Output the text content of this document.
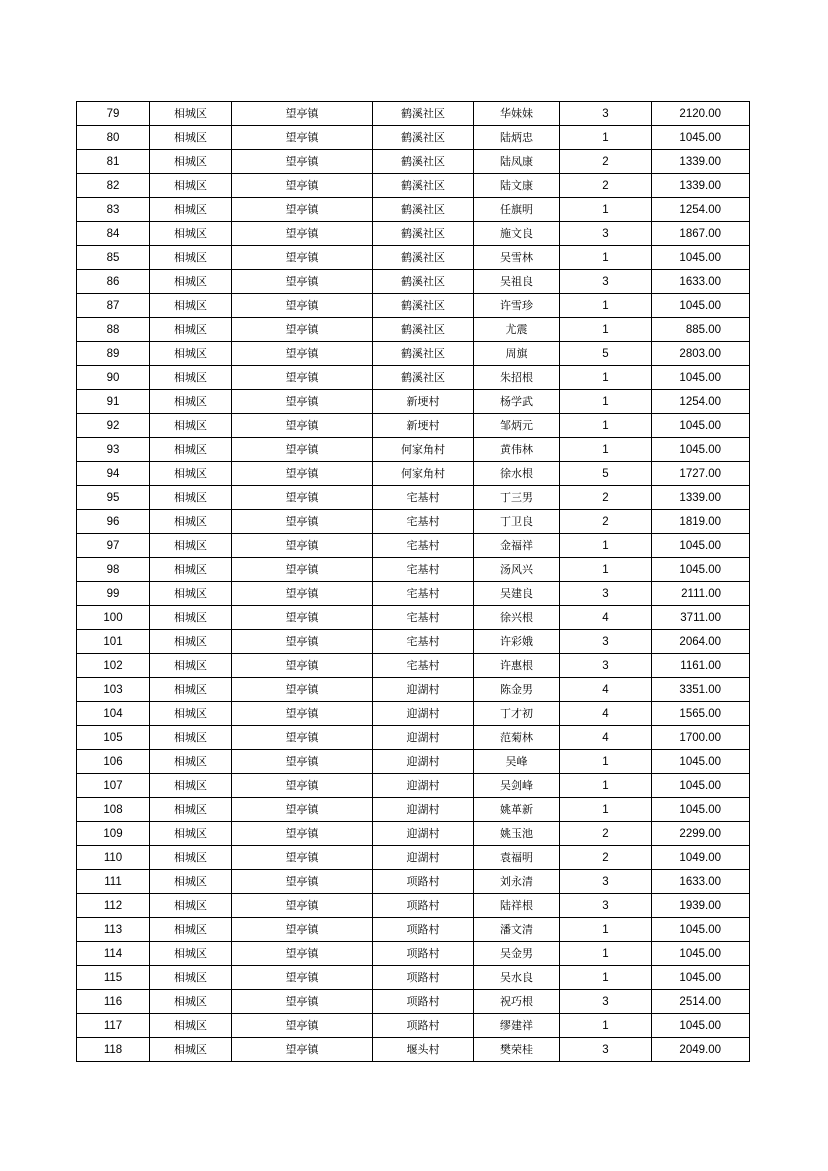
79	相城区	望亭镇	鹤溪社区	华妹妹	3	2120.00
80	相城区	望亭镇	鹤溪社区	陆炳忠	1	1045.00
81	相城区	望亭镇	鹤溪社区	陆凤康	2	1339.00
82	相城区	望亭镇	鹤溪社区	陆文康	2	1339.00
83	相城区	望亭镇	鹤溪社区	任旗明	1	1254.00
84	相城区	望亭镇	鹤溪社区	施文良	3	1867.00
85	相城区	望亭镇	鹤溪社区	吴雪林	1	1045.00
86	相城区	望亭镇	鹤溪社区	吴祖良	3	1633.00
87	相城区	望亭镇	鹤溪社区	许雪珍	1	1045.00
88	相城区	望亭镇	鹤溪社区	尤震	1	885.00
89	相城区	望亭镇	鹤溪社区	周旗	5	2803.00
90	相城区	望亭镇	鹤溪社区	朱招根	1	1045.00
91	相城区	望亭镇	新埂村	杨学武	1	1254.00
92	相城区	望亭镇	新埂村	邹炳元	1	1045.00
93	相城区	望亭镇	何家角村	黄伟林	1	1045.00
94	相城区	望亭镇	何家角村	徐水根	5	1727.00
95	相城区	望亭镇	宅基村	丁三男	2	1339.00
96	相城区	望亭镇	宅基村	丁卫良	2	1819.00
97	相城区	望亭镇	宅基村	金福祥	1	1045.00
98	相城区	望亭镇	宅基村	汤风兴	1	1045.00
99	相城区	望亭镇	宅基村	吴建良	3	2111.00
100	相城区	望亭镇	宅基村	徐兴根	4	3711.00
101	相城区	望亭镇	宅基村	许彩娥	3	2064.00
102	相城区	望亭镇	宅基村	许惠根	3	1161.00
103	相城区	望亭镇	迎湖村	陈金男	4	3351.00
104	相城区	望亭镇	迎湖村	丁才初	4	1565.00
105	相城区	望亭镇	迎湖村	范菊林	4	1700.00
106	相城区	望亭镇	迎湖村	吴峰	1	1045.00
107	相城区	望亭镇	迎湖村	吴剑峰	1	1045.00
108	相城区	望亭镇	迎湖村	姚革新	1	1045.00
109	相城区	望亭镇	迎湖村	姚玉池	2	2299.00
110	相城区	望亭镇	迎湖村	袁福明	2	1049.00
111	相城区	望亭镇	项路村	刘永清	3	1633.00
112	相城区	望亭镇	项路村	陆祥根	3	1939.00
113	相城区	望亭镇	项路村	潘文清	1	1045.00
114	相城区	望亭镇	项路村	吴金男	1	1045.00
115	相城区	望亭镇	项路村	吴水良	1	1045.00
116	相城区	望亭镇	项路村	祝巧根	3	2514.00
117	相城区	望亭镇	项路村	缪建祥	1	1045.00
118	相城区	望亭镇	堰头村	樊荣桂	3	2049.00
